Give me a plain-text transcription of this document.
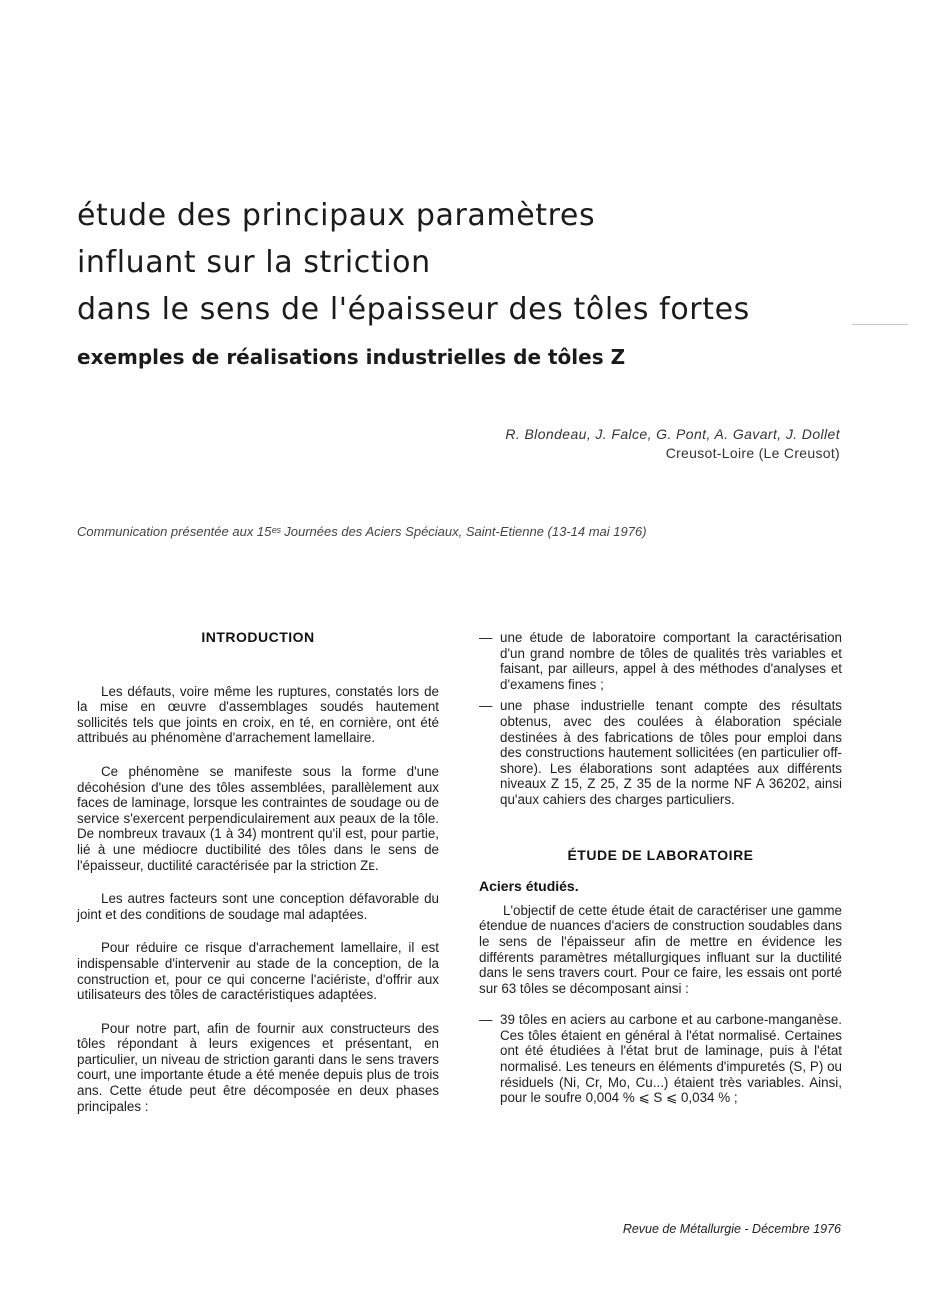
étude des principaux paramètres
influant sur la striction
dans le sens de l'épaisseur des tôles fortes
exemples de réalisations industrielles de tôles Z
R. Blondeau, J. Falce, G. Pont, A. Gavart, J. Dollet
Creusot-Loire (Le Creusot)
Communication présentée aux 15ᵉˢ Journées des Aciers Spéciaux, Saint-Etienne (13-14 mai 1976)
INTRODUCTION

Les défauts, voire même les ruptures, constatés lors de la mise en œuvre d'assemblages soudés hautement sollicités tels que joints en croix, en té, en cornière, ont été attribués au phénomène d'arrachement lamellaire.

Ce phénomène se manifeste sous la forme d'une décohésion d'une des tôles assemblées, parallèlement aux faces de laminage, lorsque les contraintes de soudage ou de service s'exercent perpendiculairement aux peaux de la tôle. De nombreux travaux (1 à 34) montrent qu'il est, pour partie, lié à une médiocre ductibilité des tôles dans le sens de l'épaisseur, ductilité caractérisée par la striction Zᴇ.

Les autres facteurs sont une conception défavorable du joint et des conditions de soudage mal adaptées.

Pour réduire ce risque d'arrachement lamellaire, il est indispensable d'intervenir au stade de la conception, de la construction et, pour ce qui concerne l'aciériste, d'offrir aux utilisateurs des tôles de caractéristiques adaptées.

Pour notre part, afin de fournir aux constructeurs des tôles répondant à leurs exigences et présentant, en particulier, un niveau de striction garanti dans le sens travers court, une importante étude a été menée depuis plus de trois ans. Cette étude peut être décomposée en deux phases principales :

— une étude de laboratoire comportant la caractérisation d'un grand nombre de tôles de qualités très variables et faisant, par ailleurs, appel à des méthodes d'analyses et d'examens fines ;
— une phase industrielle tenant compte des résultats obtenus, avec des coulées à élaboration spéciale destinées à des fabrications de tôles pour emploi dans des constructions hautement sollicitées (en particulier off-shore). Les élaborations sont adaptées aux différents niveaux Z 15, Z 25, Z 35 de la norme NF A 36202, ainsi qu'aux cahiers des charges particuliers.
ÉTUDE DE LABORATOIRE
Aciers étudiés.

L'objectif de cette étude était de caractériser une gamme étendue de nuances d'aciers de construction soudables dans le sens de l'épaisseur afin de mettre en évidence les différents paramètres métallurgiques influant sur la ductilité dans le sens travers court. Pour ce faire, les essais ont porté sur 63 tôles se décomposant ainsi :

— 39 tôles en aciers au carbone et au carbone-manganèse. Ces tôles étaient en général à l'état normalisé. Certaines ont été étudiées à l'état brut de laminage, puis à l'état normalisé. Les teneurs en éléments d'impuretés (S, P) ou résiduels (Ni, Cr, Mo, Cu...) étaient très variables. Ainsi, pour le soufre 0,004 % ⩽ S ⩽ 0,034 % ;
Revue de Métallurgie - Décembre 1976
